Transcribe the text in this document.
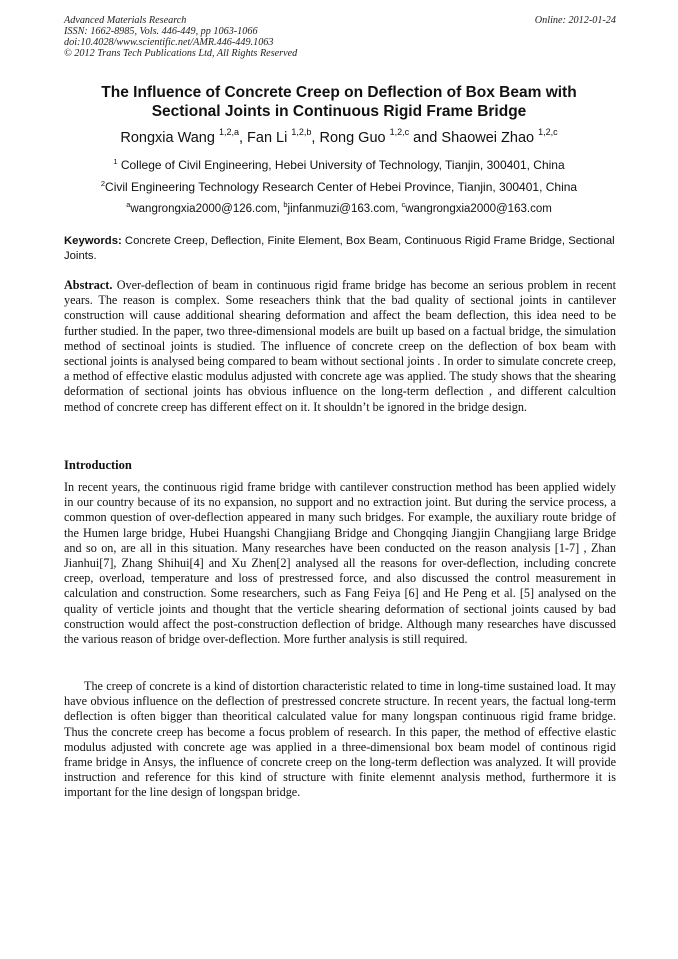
Advanced Materials Research
ISSN: 1662-8985, Vols. 446-449, pp 1063-1066
doi:10.4028/www.scientific.net/AMR.446-449.1063
© 2012 Trans Tech Publications Ltd, All Rights Reserved
Online: 2012-01-24
The Influence of Concrete Creep on Deflection of Box Beam with
Sectional Joints in Continuous Rigid Frame Bridge
Rongxia Wang $^{1,2,a}$, Fan Li $^{1,2,b}$, Rong Guo $^{1,2,c}$ and Shaowei Zhao $^{1,2,c}$
$^1$ College of Civil Engineering, Hebei University of Technology, Tianjin, 300401, China
$^2$Civil Engineering Technology Research Center of Hebei Province, Tianjin, 300401, China
$^a$wangrongxia2000@126.com, $^b$jinfanmuzi@163.com, $^c$wangrongxia2000@163.com
Keywords: Concrete Creep, Deflection, Finite Element, Box Beam, Continuous Rigid Frame Bridge, Sectional Joints.
Abstract. Over-deflection of beam in continuous rigid frame bridge has become an serious problem in recent years. The reason is complex. Some reseachers think that the bad quality of sectional joints in cantilever construction will cause additional shearing deformation and affect the beam deflection, this idea need to be further studied. In the paper, two three-dimensional models are built up based on a factual bridge, the simulation method of sectinoal joints is studied. The influence of concrete creep on the deflection of box beam with sectional joints is analysed being compared to beam without sectional joints . In order to simulate concrete creep, a method of effective elastic modulus adjusted with concrete age was applied. The study shows that the shearing deformation of sectional joints has obvious influence on the long-term deflection , and different calcultion method of concrete creep has different effect on it. It shouldn’t be ignored in the bridge design.
Introduction
In recent years, the continuous rigid frame bridge with cantilever construction method has been applied widely in our country because of its no expansion, no support and no extraction joint. But during the service process, a common question of over-deflection appeared in many such bridges. For example, the auxiliary route bridge of the Humen large bridge, Hubei Huangshi Changjiang Bridge and Chongqing Jiangjin Changjiang large Bridge and so on, are all in this situation. Many researches have been conducted on the reason analysis [1-7] , Zhan Jianhui[7], Zhang Shihui[4] and Xu Zhen[2] analysed all the reasons for over-deflection, including concrete creep, overload, temperature and loss of prestressed force, and also discussed the control measurement in calculation and construction. Some researchers, such as Fang Feiya [6] and He Peng et al. [5] analysed on the quality of verticle joints and thought that the verticle shearing deformation of sectional joints caused by bad construction would affect the post-construction deflection of bridge. Although many researches have discussed the various reason of bridge over-deflection. More further analysis is still required.
The creep of concrete is a kind of distortion characteristic related to time in long-time sustained load. It may have obvious influence on the deflection of prestressed concrete structure. In recent years, the factual long-term deflection is often bigger than theoritical calculated value for many longspan continuous rigid frame bridge. Thus the concrete creep has become a focus problem of research. In this paper, the method of effective elastic modulus adjusted with concrete age was applied in a three-dimensional box beam model of continous rigid frame bridge in Ansys, the influence of concrete creep on the long-term deflection was analyzed. It will provide instruction and reference for this kind of structure with finite elemennt analysis method, furthermore it is important for the line design of longspan bridge.
